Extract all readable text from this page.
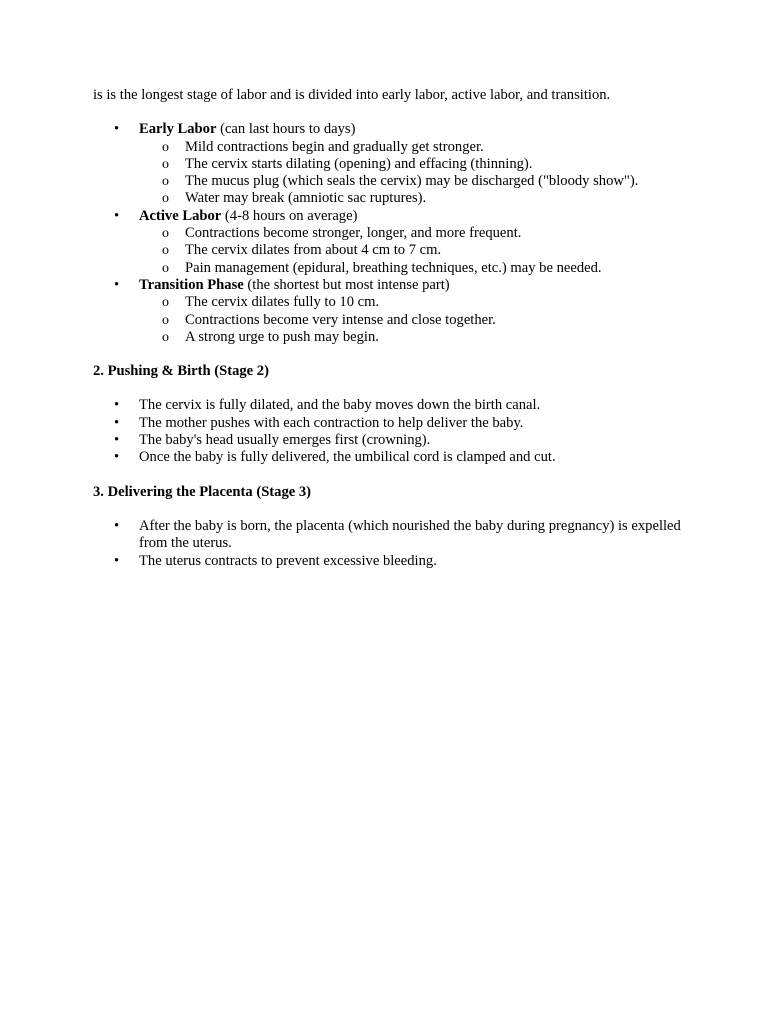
is is the longest stage of labor and is divided into early labor, active labor, and transition.

• Early Labor (can last hours to days)
o Mild contractions begin and gradually get stronger.
o The cervix starts dilating (opening) and effacing (thinning).
o The mucus plug (which seals the cervix) may be discharged ("bloody show").
o Water may break (amniotic sac ruptures).
• Active Labor (4-8 hours on average)
o Contractions become stronger, longer, and more frequent.
o The cervix dilates from about 4 cm to 7 cm.
o Pain management (epidural, breathing techniques, etc.) may be needed.
• Transition Phase (the shortest but most intense part)
o The cervix dilates fully to 10 cm.
o Contractions become very intense and close together.
o A strong urge to push may begin.

2. Pushing & Birth (Stage 2)

• The cervix is fully dilated, and the baby moves down the birth canal.
• The mother pushes with each contraction to help deliver the baby.
• The baby's head usually emerges first (crowning).
• Once the baby is fully delivered, the umbilical cord is clamped and cut.

3. Delivering the Placenta (Stage 3)

• After the baby is born, the placenta (which nourished the baby during pregnancy) is expelled from the uterus.
• The uterus contracts to prevent excessive bleeding.
